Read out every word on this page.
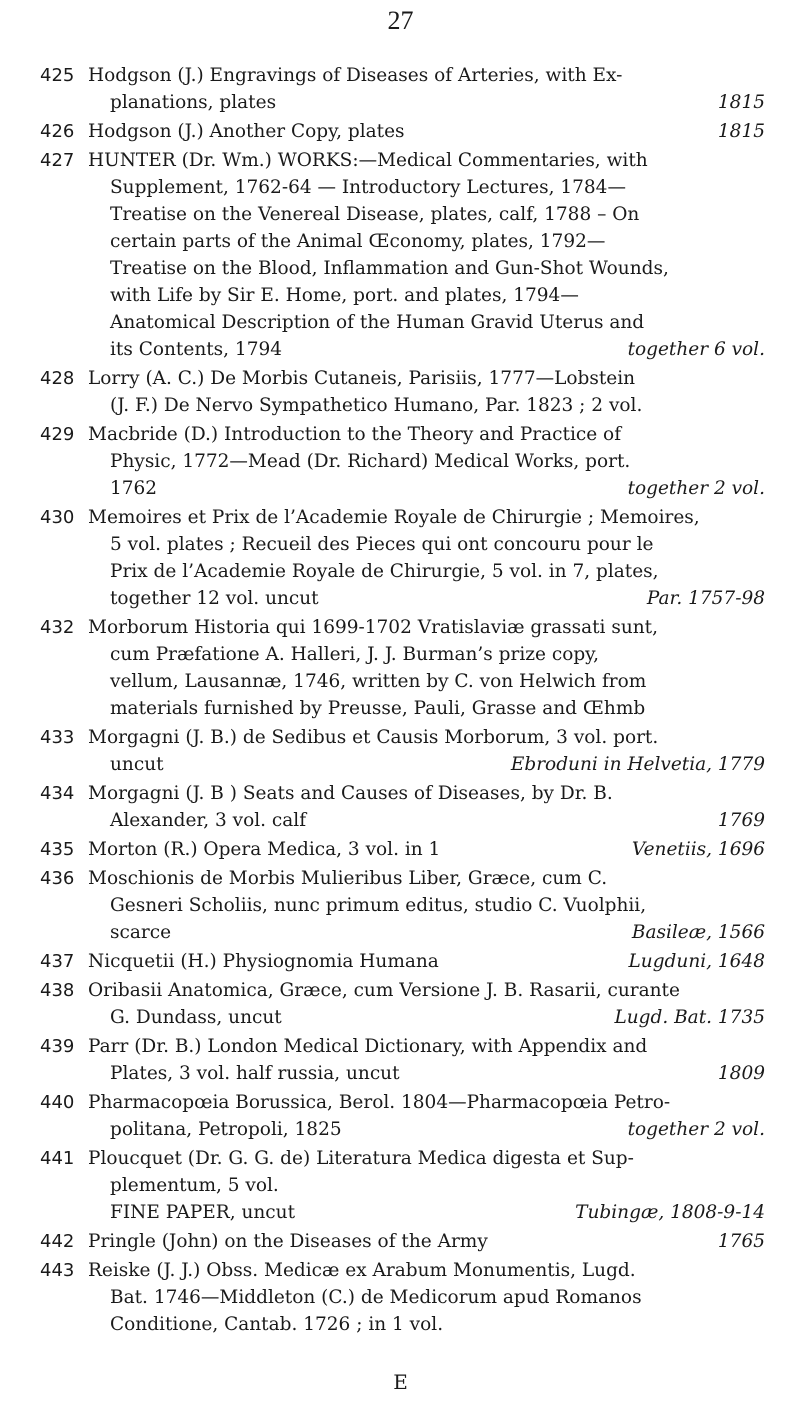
27
425 Hodgson (J.) Engravings of Diseases of Arteries, with Ex-
planations, plates	1815
426 Hodgson (J.) Another Copy, plates	1815
427 HUNTER (Dr. Wm.) WORKS:—Medical Commentaries, with
Supplement, 1762-64 — Introductory Lectures, 1784—
Treatise on the Venereal Disease, plates, calf, 1788 – On
certain parts of the Animal Œconomy, plates, 1792—
Treatise on the Blood, Inflammation and Gun-Shot Wounds,
with Life by Sir E. Home, port. and plates, 1794—
Anatomical Description of the Human Gravid Uterus and
its Contents, 1794	together 6 vol.
428 Lorry (A. C.) De Morbis Cutaneis, Parisiis, 1777—Lobstein
(J. F.) De Nervo Sympathetico Humano, Par. 1823 ; 2 vol.
429 Macbride (D.) Introduction to the Theory and Practice of
Physic, 1772—Mead (Dr. Richard) Medical Works, port.
1762	together 2 vol.
430 Memoires et Prix de l’Academie Royale de Chirurgie ; Memoires,
5 vol. plates ; Recueil des Pieces qui ont concouru pour le
Prix de l’Academie Royale de Chirurgie, 5 vol. in 7, plates,
together 12 vol. uncut	Par. 1757-98
432 Morborum Historia qui 1699-1702 Vratislaviæ grassati sunt,
cum Præfatione A. Halleri, J. J. Burman’s prize copy,
vellum, Lausannæ, 1746, written by C. von Helwich from
materials furnished by Preusse, Pauli, Grasse and Œhmb
433 Morgagni (J. B.) de Sedibus et Causis Morborum, 3 vol. port.
uncut	Ebroduni in Helvetia, 1779
434 Morgagni (J. B ) Seats and Causes of Diseases, by Dr. B.
Alexander, 3 vol. calf	1769
435 Morton (R.) Opera Medica, 3 vol. in 1	Venetiis, 1696
436 Moschionis de Morbis Mulieribus Liber, Græce, cum C.
Gesneri Scholiis, nunc primum editus, studio C. Vuolphii,
scarce	Basileæ, 1566
437 Nicquetii (H.) Physiognomia Humana	Lugduni, 1648
438 Oribasii Anatomica, Græce, cum Versione J. B. Rasarii, curante
G. Dundass, uncut	Lugd. Bat. 1735
439 Parr (Dr. B.) London Medical Dictionary, with Appendix and
Plates, 3 vol. half russia, uncut	1809
440 Pharmacopœia Borussica, Berol. 1804—Pharmacopœia Petro-
politana, Petropoli, 1825	together 2 vol.
441 Ploucquet (Dr. G. G. de) Literatura Medica digesta et Sup-
plementum, 5 vol.
FINE PAPER, uncut	Tubingæ, 1808-9-14
442 Pringle (John) on the Diseases of the Army	1765
443 Reiske (J. J.) Obss. Medicæ ex Arabum Monumentis, Lugd.
Bat. 1746—Middleton (C.) de Medicorum apud Romanos
Conditione, Cantab. 1726 ; in 1 vol.
E
